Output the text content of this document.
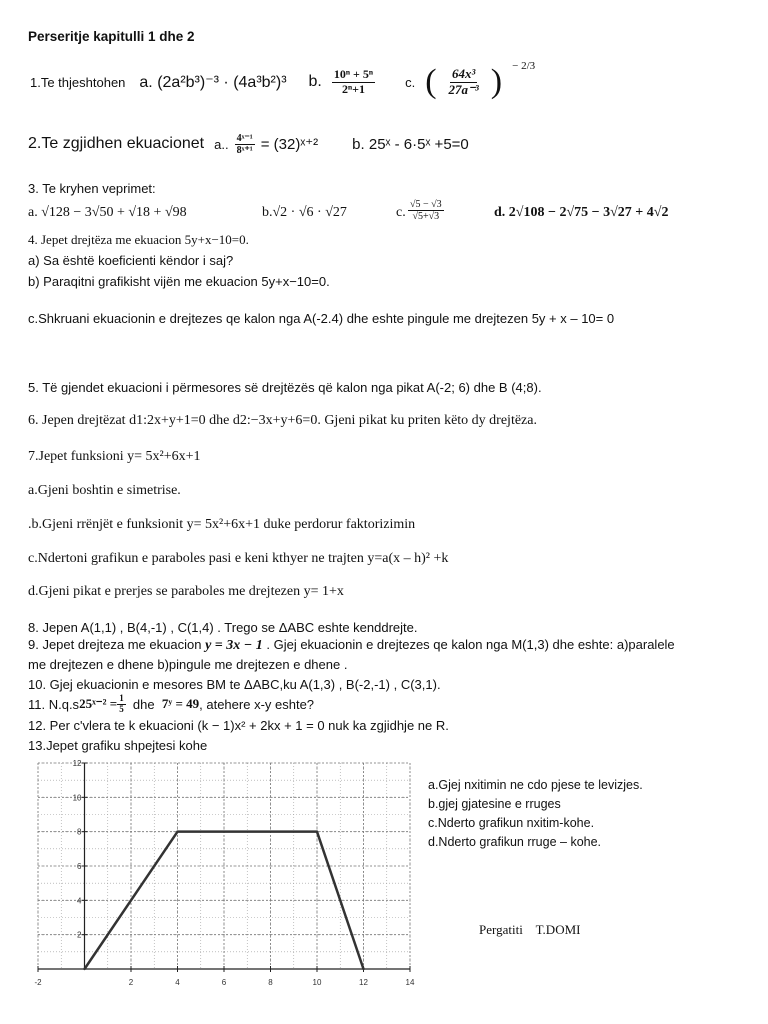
Perseritje kapitulli 1 dhe 2
1.Te thjeshtohen a. (2a²b³)⁻³ · (4a³b²)³ b. $\frac{\text{10ⁿ + 5ⁿ}}{\text{2ⁿ+1}} c$. ( $\frac{\text{64x³}}{\text{27a⁻³}}$ ) − 2/3
2.Te zgjidhen ekuacionet a.. $\frac{\text{4ˣ⁻¹}}{\text{8ˣ⁺¹}}$ = (32)ˣ⁺² b. 25ˣ - 6·5ˣ +5=0
3. Te kryhen veprimet:
a. √128 − 3√50 + √18 + √98	b.√2 · √6 · √27	c. $\frac{√5 - √3}{√5+√3}$	d. 2√108 − 2√75 − 3√27 + 4√2
4. Jepet drejtëza me ekuacion 5y+x−10=0.
a) Sa është koeficienti këndor i saj?
b) Paraqitni grafikisht vijën me ekuacion 5y+x−10=0.
c.Shkruani ekuacionin e drejtezes qe kalon nga A(-2.4) dhe eshte pingule me drejtezen 5y + x – 10= 0
5. Të gjendet ekuacioni i përmesores së drejtëzës që kalon nga pikat A(-2; 6) dhe B (4;8).
6. Jepen drejtëzat d1:2x+y+1=0 dhe d2:−3x+y+6=0. Gjeni pikat ku priten këto dy drejtëza.
7.Jepet funksioni y= 5x²+6x+1
a.Gjeni boshtin e simetrise.
.b.Gjeni rrënjët e funksionit y= 5x²+6x+1 duke perdorur faktorizimin
c.Ndertoni grafikun e paraboles pasi e keni kthyer ne trajten y=a(x – h)² +k
d.Gjeni pikat e prerjes se paraboles me drejtezen y= 1+x
8. Jepen A(1,1) , B(4,-1) , C(1,4) . Trego se ΔABC eshte kenddrejte.
9. Jepet drejteza me ekuacion y = 3x − 1 . Gjej ekuacionin e drejtezes qe kalon nga M(1,3) dhe eshte: a)paralele
me drejtezen e dhene b)pingule me drejtezen e dhene .
10. Gjej ekuacionin e mesores BM te ΔABC,ku A(1,3) , B(-2,-1) , C(3,1).
11. N.q.s 25ˣ⁻² = $\frac{1}{5}$ dhe 7ʸ = 49 , atehere x-y eshte?
12. Per c'vlera te k ekuacioni (k − 1)x² + 2kx + 1 = 0 nuk ka zgjidhje ne R.
13.Jepet grafiku shpejtesi kohe
-2	2	4	6	8	10	12	14
2
4
6
8
10
12
a.Gjej nxitimin ne cdo pjese te levizjes.
b.gjej gjatesine e rruges
c.Nderto grafikun nxitim-kohe.
d.Nderto grafikun rruge – kohe.
Pergatiti    T.DOMI
